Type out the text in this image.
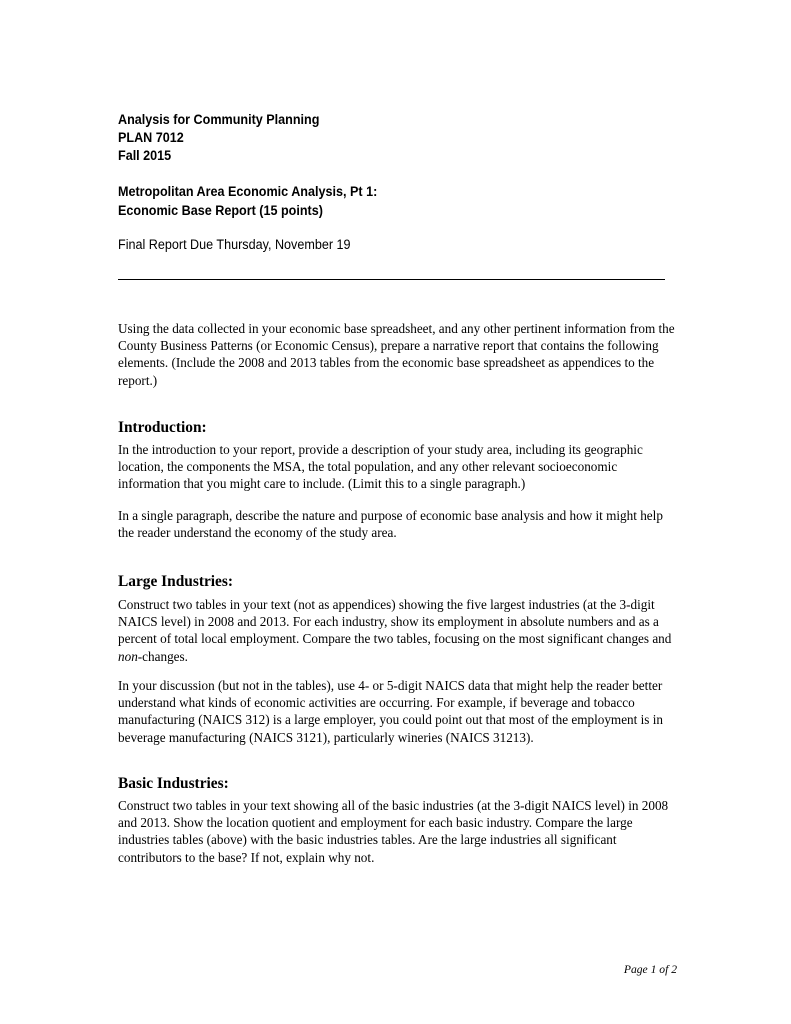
Analysis for Community Planning
PLAN 7012
Fall 2015
Metropolitan Area Economic Analysis, Pt 1:
Economic Base Report (15 points)
Final Report Due Thursday, November 19

Using the data collected in your economic base spreadsheet, and any other pertinent information from the County Business Patterns (or Economic Census), prepare a narrative report that contains the following elements. (Include the 2008 and 2013 tables from the economic base spreadsheet as appendices to the report.)

Introduction:

In the introduction to your report, provide a description of your study area, including its geographic location, the components the MSA, the total population, and any other relevant socioeconomic information that you might care to include. (Limit this to a single paragraph.)

In a single paragraph, describe the nature and purpose of economic base analysis and how it might help the reader understand the economy of the study area.

Large Industries:

Construct two tables in your text (not as appendices) showing the five largest industries (at the 3-digit NAICS level) in 2008 and 2013. For each industry, show its employment in absolute numbers and as a percent of total local employment. Compare the two tables, focusing on the most significant changes and non-changes.

In your discussion (but not in the tables), use 4- or 5-digit NAICS data that might help the reader better understand what kinds of economic activities are occurring. For example, if beverage and tobacco manufacturing (NAICS 312) is a large employer, you could point out that most of the employment is in beverage manufacturing (NAICS 3121), particularly wineries (NAICS 31213).

Basic Industries:

Construct two tables in your text showing all of the basic industries (at the 3-digit NAICS level) in 2008 and 2013. Show the location quotient and employment for each basic industry. Compare the large industries tables (above) with the basic industries tables. Are the large industries all significant contributors to the base? If not, explain why not.

Page 1 of 2
